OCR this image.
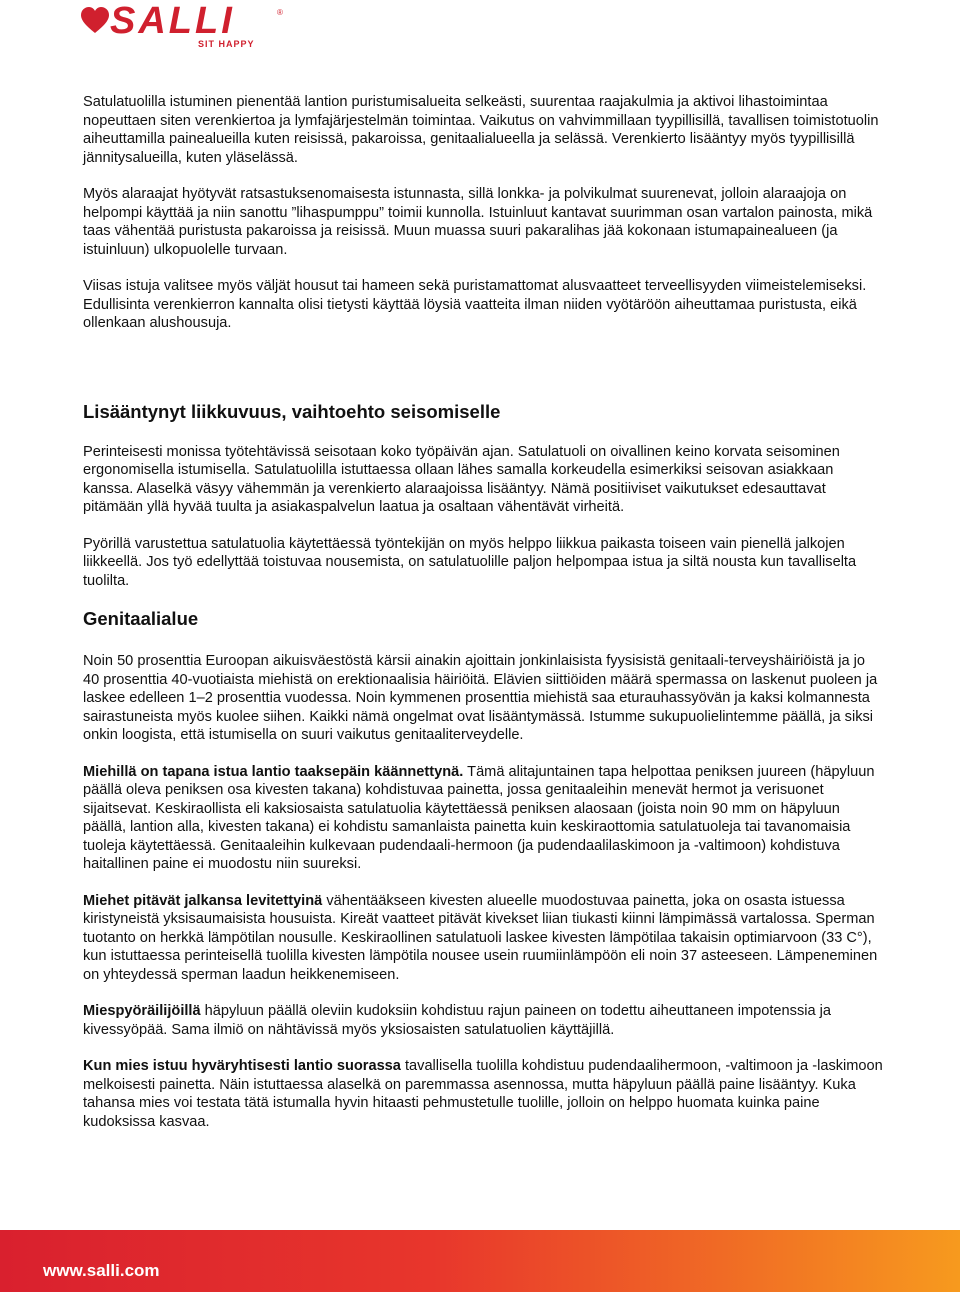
SALLI	®
SIT HAPPY

Satulatuolilla istuminen pienentää lantion puristumisalueita selkeästi, suurentaa raajakulmia ja aktivoi lihastoimintaa nopeuttaen siten verenkiertoa ja lymfajärjestelmän toimintaa. Vaikutus on vahvimmillaan tyypillisillä, tavallisen toimistotuolin aiheuttamilla painealueilla kuten reisissä, pakaroissa, genitaalialueella ja selässä. Verenkierto lisääntyy myös tyypillisillä jännitysalueilla, kuten yläselässä.

Myös alaraajat hyötyvät ratsastuksenomaisesta istunnasta, sillä lonkka- ja polvikulmat suurenevat, jolloin alaraajoja on helpompi käyttää ja niin sanottu ”lihaspumppu” toimii kunnolla. Istuinluut kantavat suurimman osan vartalon painosta, mikä taas vähentää puristusta pakaroissa ja reisissä. Muun muassa suuri pakaralihas jää kokonaan istumapainealueen (ja istuinluun) ulkopuolelle turvaan.

Viisas istuja valitsee myös väljät housut tai hameen sekä puristamattomat alusvaatteet terveellisyyden viimeistelemiseksi. Edullisinta verenkierron kannalta olisi tietysti käyttää löysiä vaatteita ilman niiden vyötäröön aiheuttamaa puristusta, eikä ollenkaan alushousuja.

Lisääntynyt liikkuvuus, vaihtoehto seisomiselle

Perinteisesti monissa työtehtävissä seisotaan koko työpäivän ajan. Satulatuoli on oivallinen keino korvata seisominen ergonomisella istumisella. Satulatuolilla istuttaessa ollaan lähes samalla korkeudella esimerkiksi seisovan asiakkaan kanssa. Alaselkä väsyy vähemmän ja verenkierto alaraajoissa lisääntyy. Nämä positiiviset vaikutukset edesauttavat pitämään yllä hyvää tuulta ja asiakaspalvelun laatua ja osaltaan vähentävät virheitä.

Pyörillä varustettua satulatuolia käytettäessä työntekijän on myös helppo liikkua paikasta toiseen vain pienellä jalkojen liikkeellä. Jos työ edellyttää toistuvaa nousemista, on satulatuolille paljon helpompaa istua ja siltä nousta kun tavalliselta tuolilta.

Genitaalialue

Noin 50 prosenttia Euroopan aikuisväestöstä kärsii ainakin ajoittain jonkinlaisista fyysisistä genitaali-terveyshäiriöistä ja jo 40 prosenttia 40-vuotiaista miehistä on erektionaalisia häiriöitä. Elävien siittiöiden määrä spermassa on laskenut puoleen ja laskee edelleen 1–2 prosenttia vuodessa. Noin kymmenen prosenttia miehistä saa eturauhassyövän ja kaksi kolmannesta sairastuneista myös kuolee siihen. Kaikki nämä ongelmat ovat lisääntymässä. Istumme sukupuolielintemme päällä, ja siksi onkin loogista, että istumisella on suuri vaikutus genitaaliterveydelle.

Miehillä on tapana istua lantio taaksepäin käännettynä. Tämä alitajuntainen tapa helpottaa peniksen juureen (häpyluun päällä oleva peniksen osa kivesten takana) kohdistuvaa painetta, jossa genitaaleihin menevät hermot ja verisuonet sijaitsevat. Keskiraollista eli kaksiosaista satulatuolia käytettäessä peniksen alaosaan (joista noin 90 mm on häpyluun päällä, lantion alla, kivesten takana) ei kohdistu samanlaista painetta kuin keskiraottomia satulatuoleja tai tavanomaisia tuoleja käytettäessä. Genitaaleihin kulkevaan pudendaali-hermoon (ja pudendaalilaskimoon ja -valtimoon) kohdistuva haitallinen paine ei muodostu niin suureksi.

Miehet pitävät jalkansa levitettyinä vähentääkseen kivesten alueelle muodostuvaa painetta, joka on osasta istuessa kiristyneistä yksisaumaisista housuista. Kireät vaatteet pitävät kivekset liian tiukasti kiinni lämpimässä vartalossa. Sperman tuotanto on herkkä lämpötilan nousulle. Keskiraollinen satulatuoli laskee kivesten lämpötilaa takaisin optimiarvoon (33 C°), kun istuttaessa perinteisellä tuolilla kivesten lämpötila nousee usein ruumiinlämpöön eli noin 37 asteeseen. Lämpeneminen on yhteydessä sperman laadun heikkenemiseen.

Miespyöräilijöillä häpyluun päällä oleviin kudoksiin kohdistuu rajun paineen on todettu aiheuttaneen impotenssia ja kivessyöpää. Sama ilmiö on nähtävissä myös yksiosaisten satulatuolien käyttäjillä.

Kun mies istuu hyväryhtisesti lantio suorassa tavallisella tuolilla kohdistuu pudendaalihermoon, -valtimoon ja -laskimoon melkoisesti painetta. Näin istuttaessa alaselkä on paremmassa asennossa, mutta häpyluun päällä paine lisääntyy. Kuka tahansa mies voi testata tätä istumalla hyvin hitaasti pehmustetulle tuolille, jolloin on helppo huomata kuinka paine kudoksissa kasvaa.

www.salli.com
